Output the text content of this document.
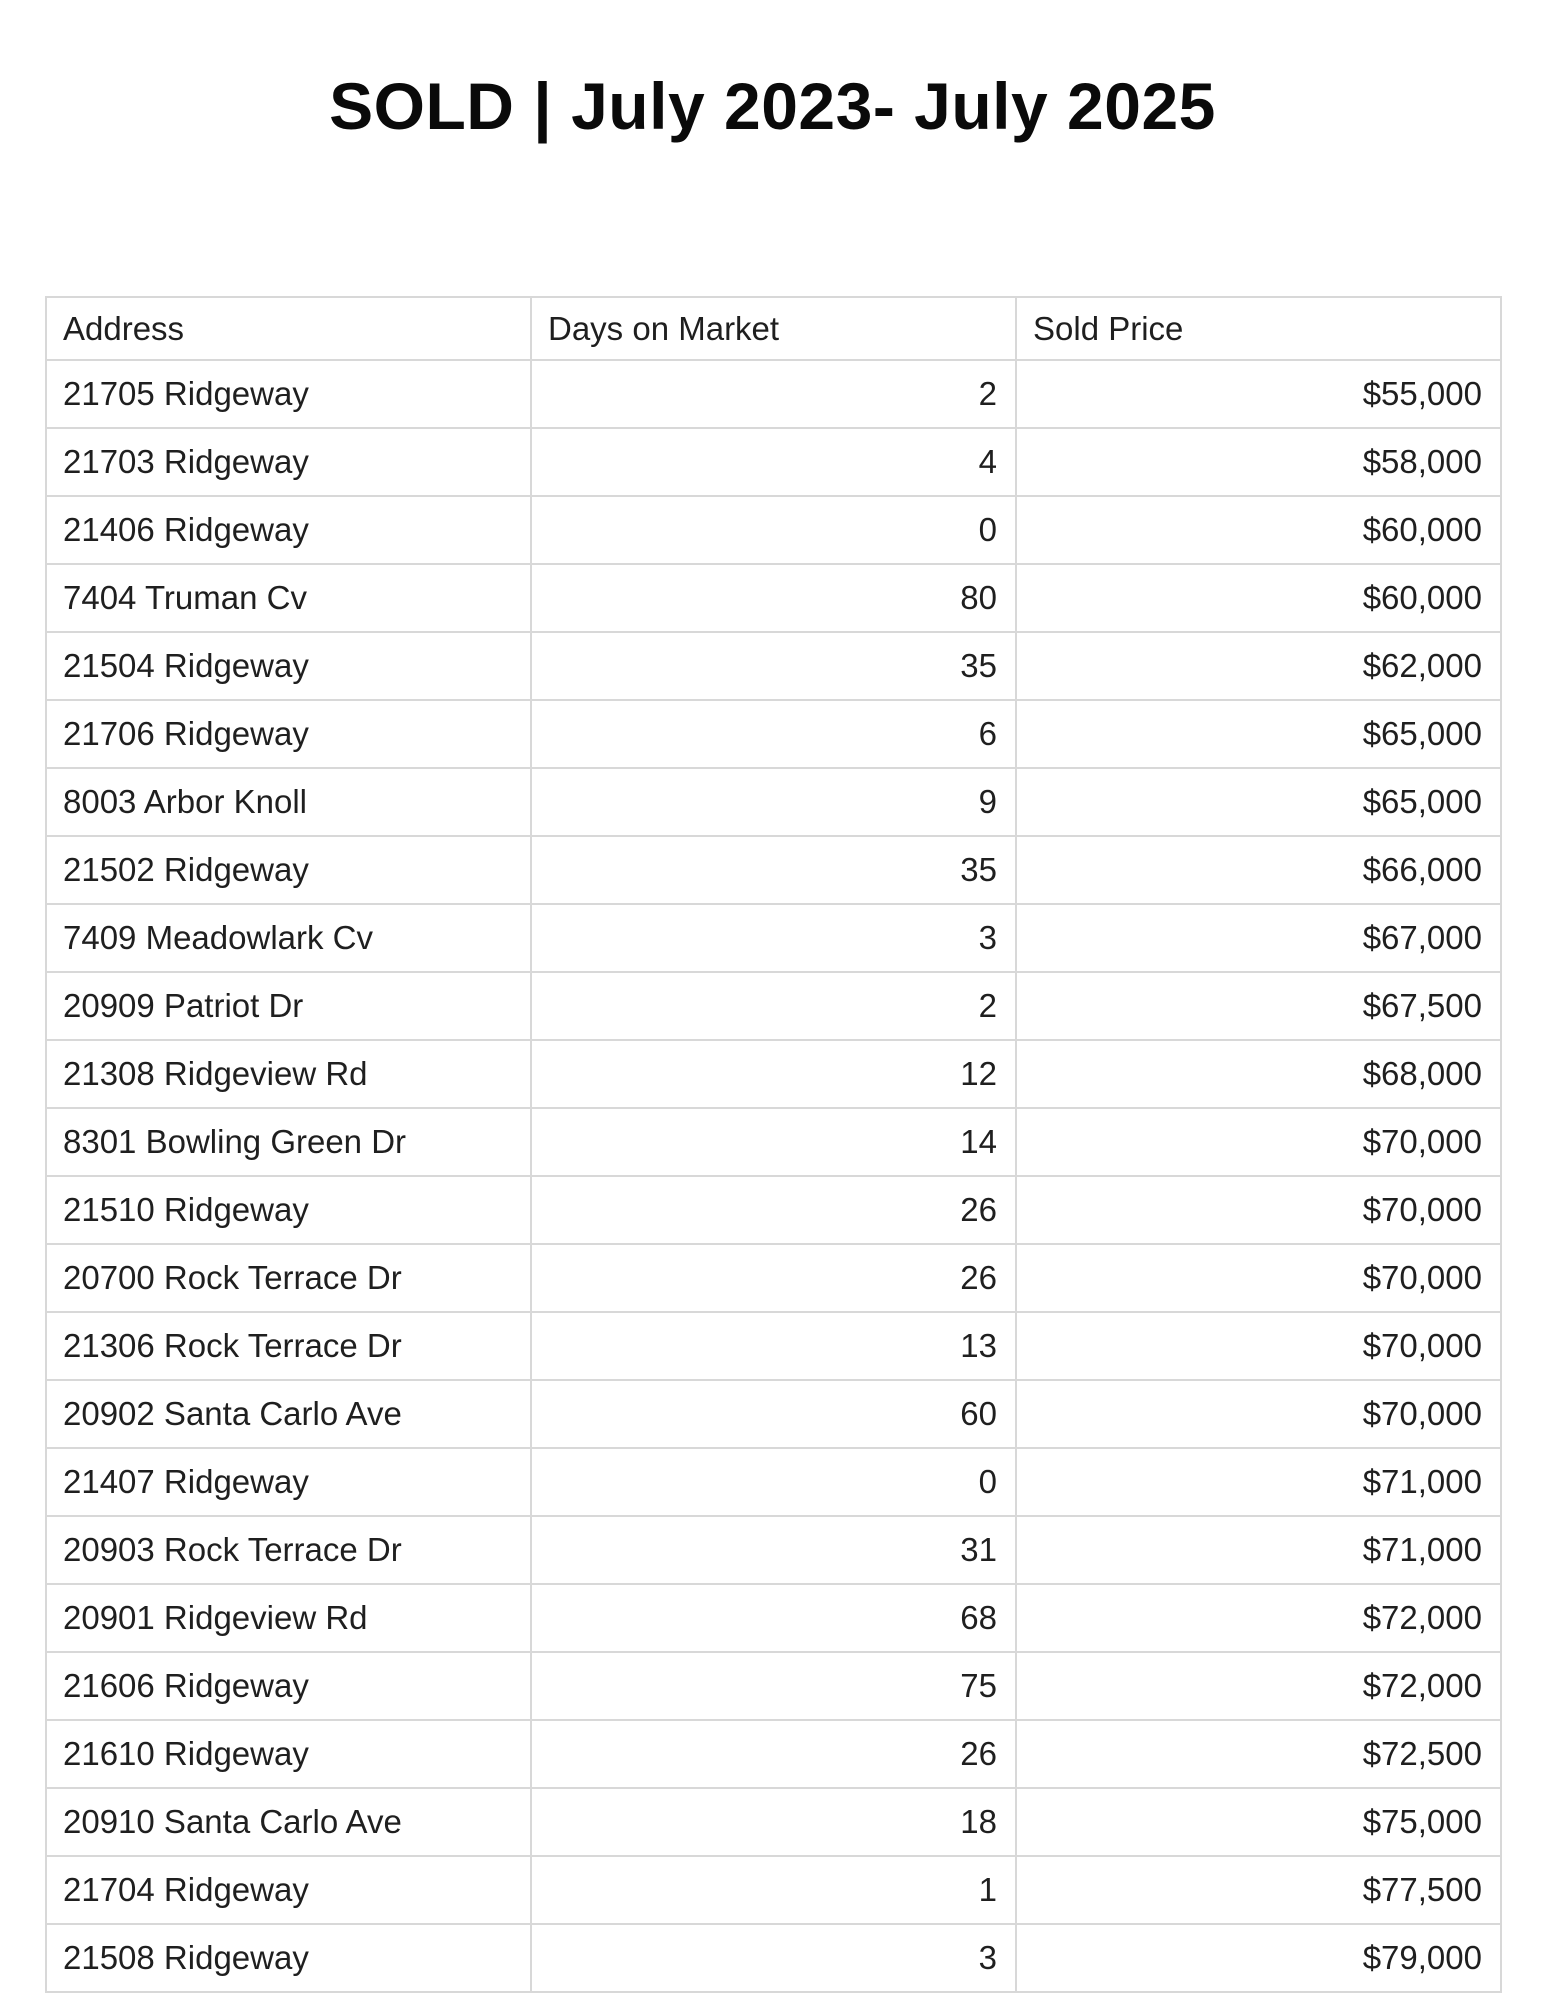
SOLD | July 2023- July 2025
Address	Days on Market	Sold Price
21705 Ridgeway	2	$55,000
21703 Ridgeway	4	$58,000
21406 Ridgeway	0	$60,000
7404 Truman Cv	80	$60,000
21504 Ridgeway	35	$62,000
21706 Ridgeway	6	$65,000
8003 Arbor Knoll	9	$65,000
21502 Ridgeway	35	$66,000
7409 Meadowlark Cv	3	$67,000
20909 Patriot Dr	2	$67,500
21308 Ridgeview Rd	12	$68,000
8301 Bowling Green Dr	14	$70,000
21510 Ridgeway	26	$70,000
20700 Rock Terrace Dr	26	$70,000
21306 Rock Terrace Dr	13	$70,000
20902 Santa Carlo Ave	60	$70,000
21407 Ridgeway	0	$71,000
20903 Rock Terrace Dr	31	$71,000
20901 Ridgeview Rd	68	$72,000
21606 Ridgeway	75	$72,000
21610 Ridgeway	26	$72,500
20910 Santa Carlo Ave	18	$75,000
21704 Ridgeway	1	$77,500
21508 Ridgeway	3	$79,000
